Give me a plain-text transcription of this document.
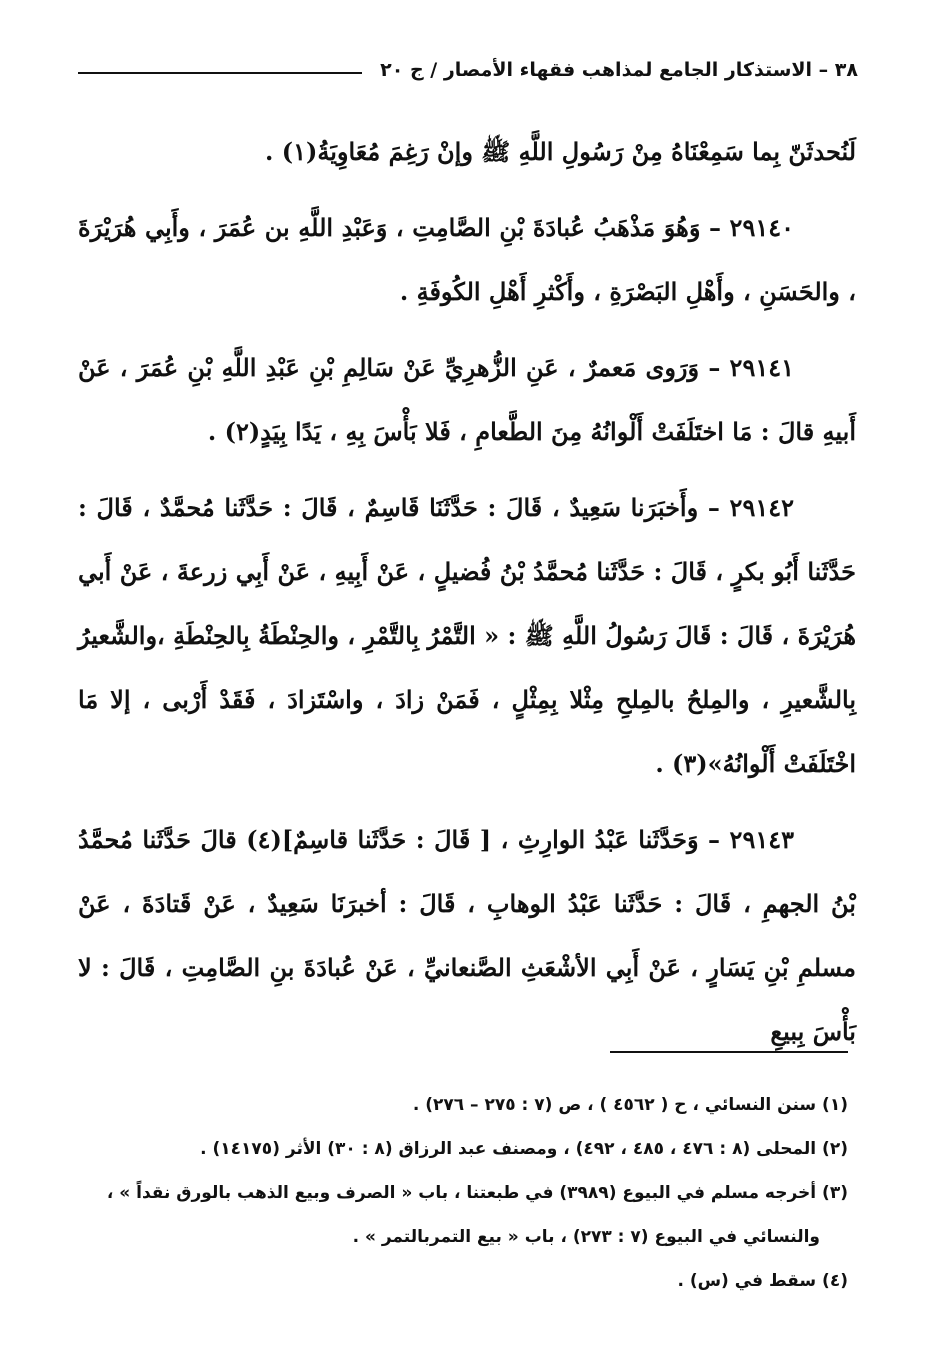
٣٨ – الاستذكار الجامع لمذاهب فقهاء الأمصار / ج ٢٠

لَنُحدثَنّ بِما سَمِعْنَاهُ مِنْ رَسُولِ اللَّهِ ﷺ وإنْ رَغِمَ مُعَاوِيَةُ(١) .

٢٩١٤٠ – وَهُوَ مَذْهَبُ عُبادَةَ بْنِ الصَّامِتِ ، وَعَبْدِ اللَّهِ بن عُمَرَ ، وأَبِي هُرَيْرَةَ ، والحَسَنِ ، وأَهْلِ البَصْرَةِ ، وأَكْثرِ أَهْلِ الكُوفَةِ .

٢٩١٤١ – وَرَوى مَعمرٌ ، عَنِ الزُّهرِيِّ عَنْ سَالِمِ بْنِ عَبْدِ اللَّهِ بْنِ عُمَرَ ، عَنْ أَبيهِ قالَ : مَا اختَلَفَتْ أَلْوانُهُ مِنَ الطَّعامِ ، فَلا بَأْسَ بِهِ ، يَدًا بِيَدٍ(٢) .

٢٩١٤٢ – وأَخبَرَنا سَعِيدٌ ، قَالَ : حَدَّثَنَا قَاسِمٌ ، قَالَ : حَدَّثَنا مُحمَّدٌ ، قَالَ : حَدَّثَنا أَبُو بكرٍ ، قَالَ : حَدَّثَنا مُحمَّدُ بْنُ فُضيلٍ ، عَنْ أَبِيهِ ، عَنْ أَبِي زرعةَ ، عَنْ أَبي هُرَيْرَةَ ، قَالَ : قَالَ رَسُولُ اللَّهِ ﷺ : « التَّمْرُ بِالتَّمْرِ ، والحِنْطَةُ بِالحِنْطَةِ ،والشَّعيرُ بِالشَّعيرِ ، والمِلحُ بالمِلحِ مِثْلا بِمِثْلٍ ، فَمَنْ زادَ ، واسْتَزادَ ، فَقَدْ أَرْبى ، إلا مَا اخْتَلَفَتْ أَلْوانُهُ»(٣) .

٢٩١٤٣ – وَحَدَّثَنا عَبْدُ الوارِثِ ، [ قَالَ : حَدَّثَنا قاسِمٌ](٤) قالَ حَدَّثَنا مُحمَّدُ بْنُ الجهمِ ، قَالَ : حَدَّثَنا عَبْدُ الوهابِ ، قَالَ : أخبرَنَا سَعِيدٌ ، عَنْ قَتادَةَ ، عَنْ مسلمِ بْنِ يَسَارٍ ، عَنْ أَبِي الأشْعَثِ الصَّنعانيِّ ، عَنْ عُبادَةَ بنِ الصَّامِتِ ، قَالَ : لا بَأْسَ بِبيعِ

(١) سنن النسائي ، ح ( ٤٥٦٢ ) ، ص (٧ : ٢٧٥ – ٢٧٦) .

(٢) المحلى (٨ : ٤٧٦ ، ٤٨٥ ، ٤٩٢) ، ومصنف عبد الرزاق (٨ : ٣٠) الأثر (١٤١٧٥) .

(٣) أخرجه مسلم في البيوع (٣٩٨٩) في طبعتنا ، باب « الصرف وبيع الذهب بالورق نقداً » ،

والنسائي في البيوع (٧ : ٢٧٣) ، باب « بيع التمربالتمر » .

(٤) سقط في (س) .
